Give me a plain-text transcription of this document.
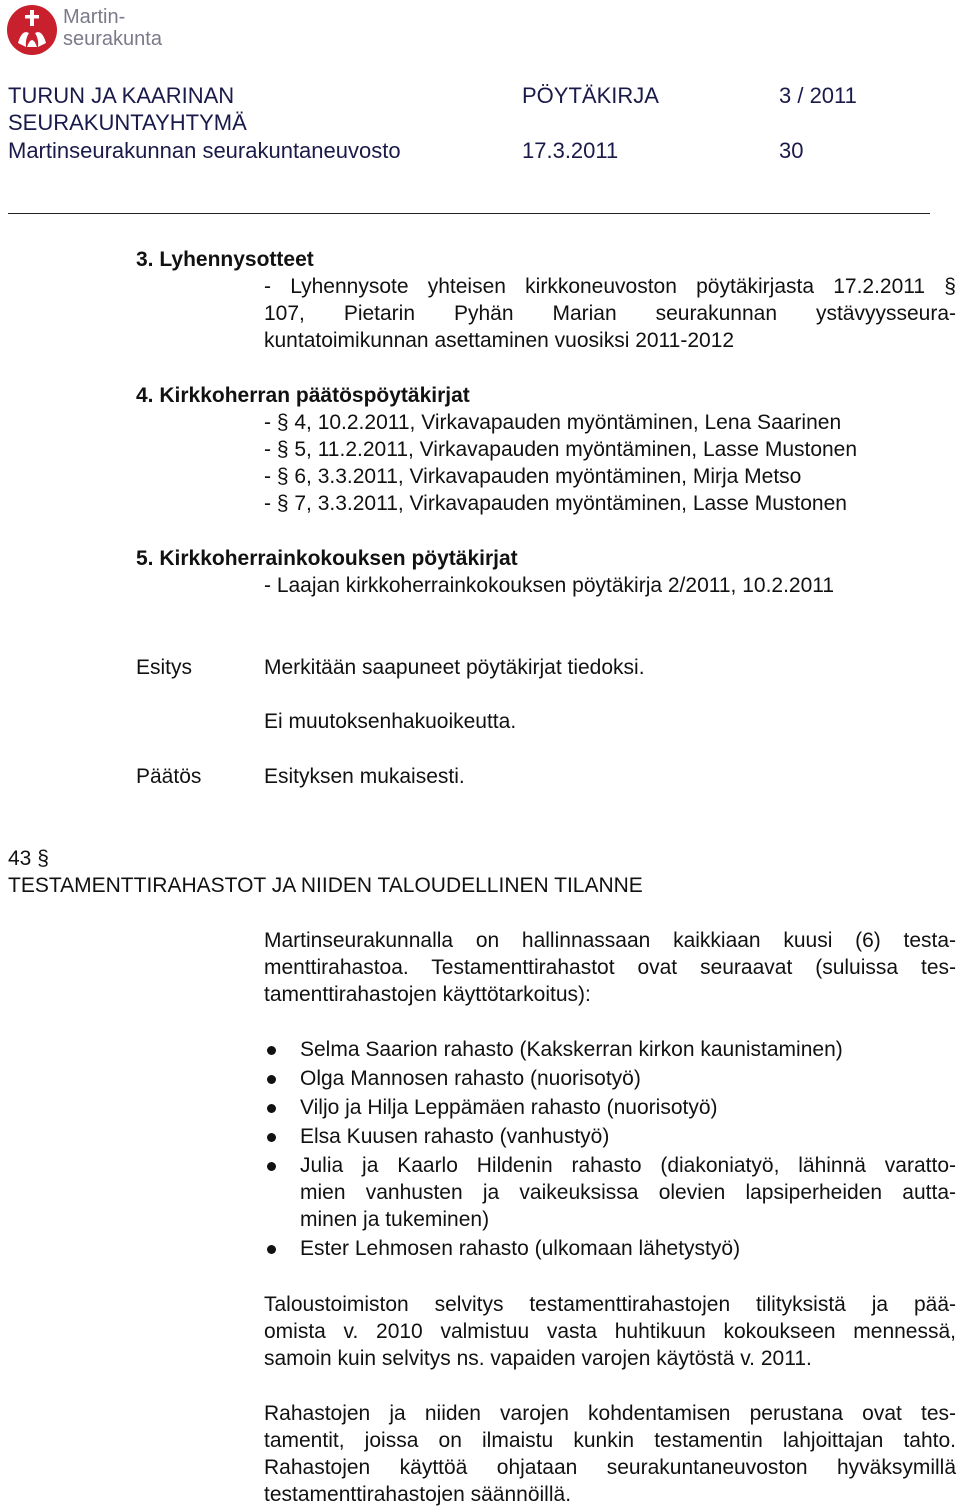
Martin-
seurakunta
TURUN JA KAARINAN
SEURAKUNTAYHTYMÄ
Martinseurakunnan seurakuntaneuvosto
PÖYTÄKIRJA
17.3.2011
3 / 2011
30
3. Lyhennysotteet
- Lyhennysote yhteisen kirkkoneuvoston pöytäkirjasta 17.2.2011 §
107, Pietarin Pyhän Marian seurakunnan ystävyysseura-
kuntatoimikunnan asettaminen vuosiksi 2011-2012
4. Kirkkoherran päätöspöytäkirjat
- § 4, 10.2.2011, Virkavapauden myöntäminen, Lena Saarinen
- § 5, 11.2.2011, Virkavapauden myöntäminen, Lasse Mustonen
- § 6, 3.3.2011, Virkavapauden myöntäminen, Mirja Metso
- § 7, 3.3.2011, Virkavapauden myöntäminen, Lasse Mustonen
5. Kirkkoherrainkokouksen pöytäkirjat
- Laajan kirkkoherrainkokouksen pöytäkirja 2/2011, 10.2.2011
Esitys	Merkitään saapuneet pöytäkirjat tiedoksi.
Ei muutoksenhakuoikeutta.
Päätös	Esityksen mukaisesti.
43 §
TESTAMENTTIRAHASTOT JA NIIDEN TALOUDELLINEN TILANNE
Martinseurakunnalla on hallinnassaan kaikkiaan kuusi (6) testa-
menttirahastoa. Testamenttirahastot ovat seuraavat (suluissa tes-
tamenttirahastojen käyttötarkoitus):
Selma Saarion rahasto (Kakskerran kirkon kaunistaminen)
Olga Mannosen rahasto (nuorisotyö)
Viljo ja Hilja Leppämäen rahasto (nuorisotyö)
Elsa Kuusen rahasto (vanhustyö)
Julia ja Kaarlo Hildenin rahasto (diakoniatyö, lähinnä varatto-
mien vanhusten ja vaikeuksissa olevien lapsiperheiden autta-
minen ja tukeminen)
Ester Lehmosen rahasto (ulkomaan lähetystyö)
Taloustoimiston selvitys testamenttirahastojen tilityksistä ja pää-
omista v. 2010 valmistuu vasta huhtikuun kokoukseen mennessä,
samoin kuin selvitys ns. vapaiden varojen käytöstä v. 2011.
Rahastojen ja niiden varojen kohdentamisen perustana ovat tes-
tamentit, joissa on ilmaistu kunkin testamentin lahjoittajan tahto.
Rahastojen käyttöä ohjataan seurakuntaneuvoston hyväksymillä
testamenttirahastojen säännöillä.
